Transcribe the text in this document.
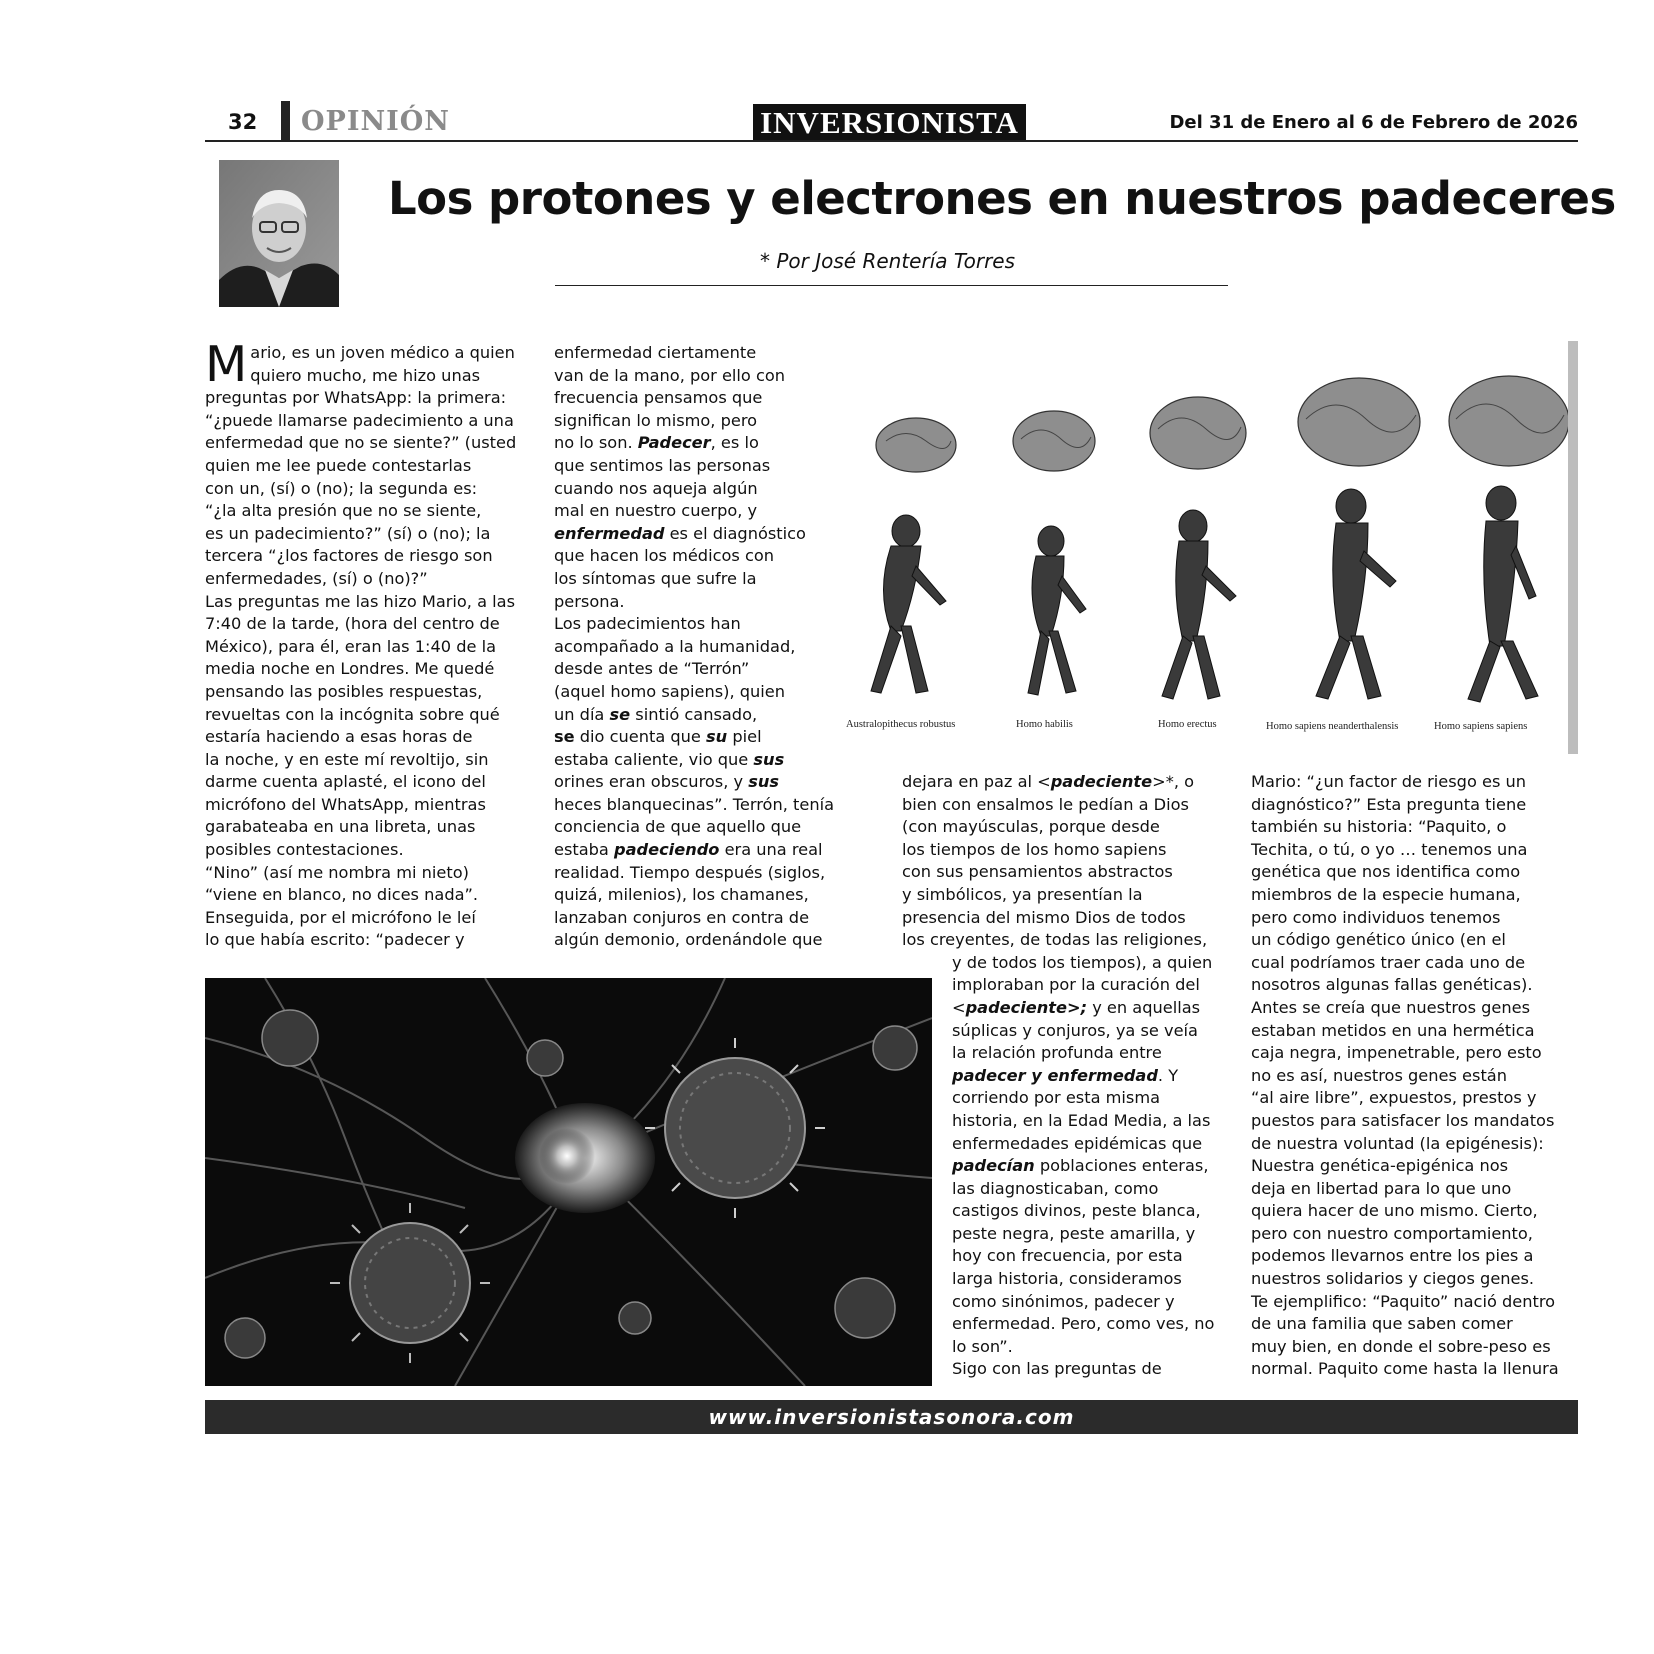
32 OPINIÓN	INVERSIONISTA	Del 31 de Enero al 6 de Febrero de 2026
Los protones y electrones en nuestros padeceres
* Por José Rentería Torres

Mario, es un joven médico a quien
quiero mucho, me hizo unas

preguntas por WhatsApp: la primera:

“¿puede llamarse padecimiento a una

enfermedad que no se siente?” (usted

quien me lee puede contestarlas

con un, (sí) o (no); la segunda es:

“¿la alta presión que no se siente,

es un padecimiento?” (sí) o (no); la

tercera “¿los factores de riesgo son

enfermedades, (sí) o (no)?”

Las preguntas me las hizo Mario, a las

7:40 de la tarde, (hora del centro de

México), para él, eran las 1:40 de la

media noche en Londres. Me quedé

pensando las posibles respuestas,

revueltas con la incógnita sobre qué

estaría haciendo a esas horas de

la noche, y en este mí revoltijo, sin

darme cuenta aplasté, el icono del

micrófono del WhatsApp, mientras

garabateaba en una libreta, unas

posibles contestaciones.

“Nino” (así me nombra mi nieto)

“viene en blanco, no dices nada”.

Enseguida, por el micrófono le leí

lo que había escrito: “padecer y

enfermedad ciertamente

van de la mano, por ello con

frecuencia pensamos que

significan lo mismo, pero

no lo son. Padecer, es lo

que sentimos las personas

cuando nos aqueja algún

mal en nuestro cuerpo, y

enfermedad es el diagnóstico

que hacen los médicos con

los síntomas que sufre la

persona.

Los padecimientos han

acompañado a la humanidad,

desde antes de “Terrón”

(aquel homo sapiens), quien

un día se sintió cansado,

se dio cuenta que su piel

estaba caliente, vio que sus

orines eran obscuros, y sus

heces blanquecinas”. Terrón, tenía

conciencia de que aquello que

estaba padeciendo era una real

realidad. Tiempo después (siglos,

quizá, milenios), los chamanes,

lanzaban conjuros en contra de

algún demonio, ordenándole que

Australopithecus robustus	Homo habilis	Homo erectus	Homo sapiens neanderthalensis	Homo sapiens sapiens

dejara en paz al <padeciente>*, o

bien con ensalmos le pedían a Dios

(con mayúsculas, porque desde

los tiempos de los homo sapiens

con sus pensamientos abstractos

y simbólicos, ya presentían la

presencia del mismo Dios de todos

los creyentes, de todas las religiones,

y de todos los tiempos), a quien

imploraban por la curación del

<padeciente>; y en aquellas

súplicas y conjuros, ya se veía

la relación profunda entre

padecer y enfermedad. Y

corriendo por esta misma

historia, en la Edad Media, a las

enfermedades epidémicas que

padecían poblaciones enteras,

las diagnosticaban, como

castigos divinos, peste blanca,

peste negra, peste amarilla, y

hoy con frecuencia, por esta

larga historia, consideramos

como sinónimos, padecer y

enfermedad. Pero, como ves, no

lo son”.

Sigo con las preguntas de

Mario: “¿un factor de riesgo es un

diagnóstico?” Esta pregunta tiene

también su historia: “Paquito, o

Techita, o tú, o yo … tenemos una

genética que nos identifica como

miembros de la especie humana,

pero como individuos tenemos

un código genético único (en el

cual podríamos traer cada uno de

nosotros algunas fallas genéticas).

Antes se creía que nuestros genes

estaban metidos en una hermética

caja negra, impenetrable, pero esto

no es así, nuestros genes están

“al aire libre”, expuestos, prestos y

puestos para satisfacer los mandatos

de nuestra voluntad (la epigénesis):

Nuestra genética-epigénica nos

deja en libertad para lo que uno

quiera hacer de uno mismo. Cierto,

pero con nuestro comportamiento,

podemos llevarnos entre los pies a

nuestros solidarios y ciegos genes.

Te ejemplifico: “Paquito” nació dentro

de una familia que saben comer

muy bien, en donde el sobre-peso es

normal. Paquito come hasta la llenura

www.inversionistasonora.com
